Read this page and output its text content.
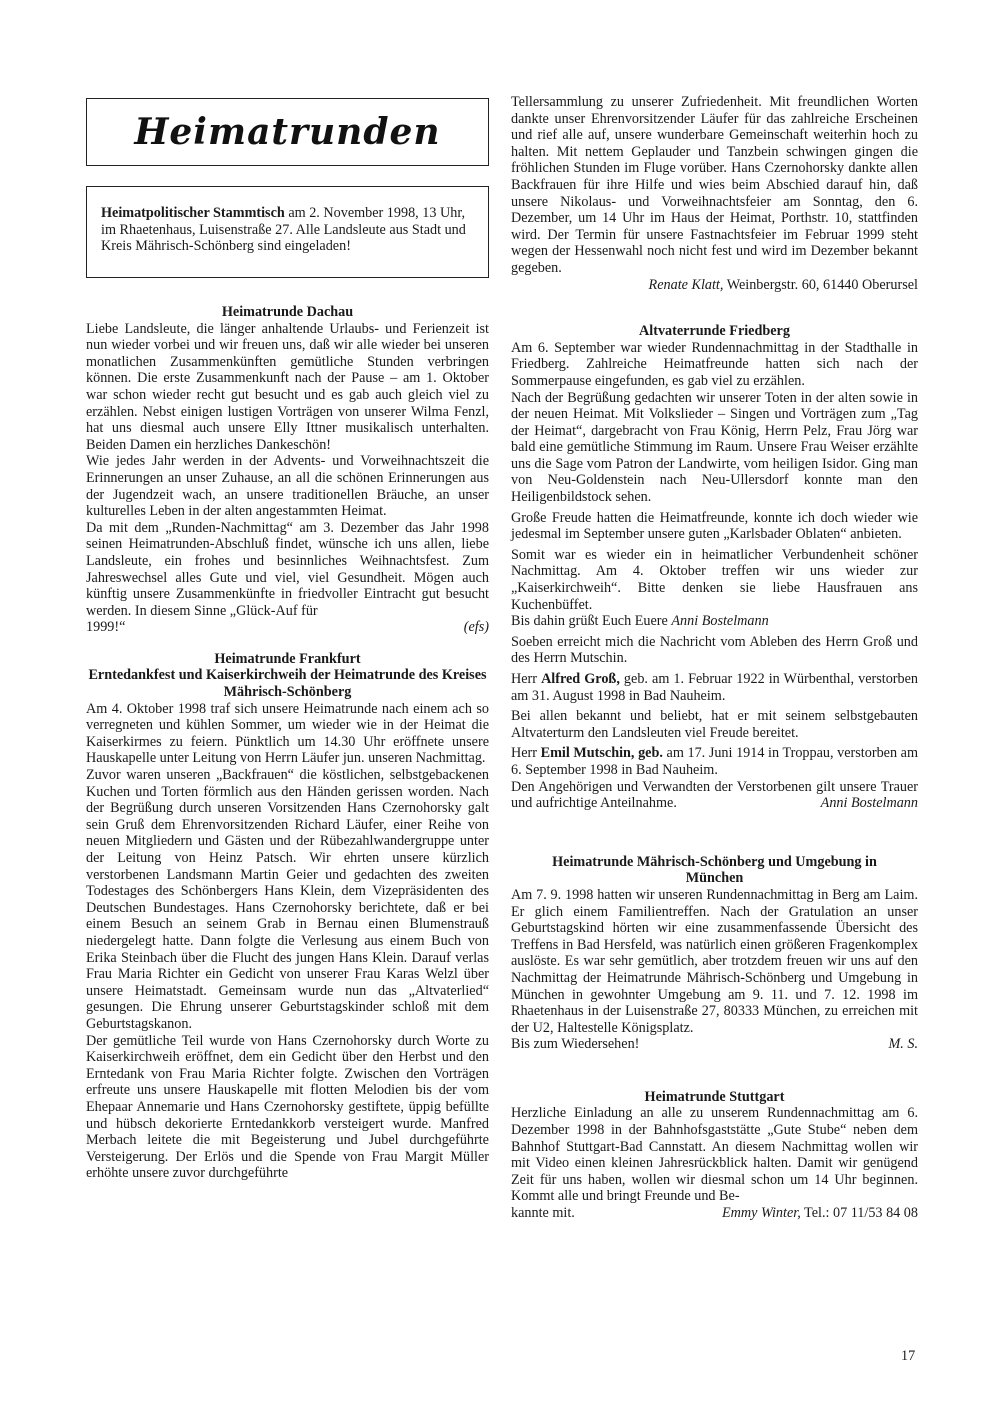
Heimatrunden

Heimatpolitischer Stammtisch am 2. November 1998, 13 Uhr, im Rhaetenhaus, Luisenstraße 27. Alle Landsleute aus Stadt und Kreis Mährisch-Schönberg sind eingeladen!

Heimatrunde Dachau

Liebe Landsleute, die länger anhaltende Urlaubs- und Ferienzeit ist nun wieder vorbei und wir freuen uns, daß wir alle wieder bei unseren monatlichen Zusammenkünften gemütliche Stunden verbringen können. Die erste Zusammenkunft nach der Pause – am 1. Oktober war schon wieder recht gut besucht und es gab auch gleich viel zu erzählen. Nebst einigen lustigen Vorträgen von unserer Wilma Fenzl, hat uns diesmal auch unsere Elly Ittner musikalisch unterhalten. Beiden Damen ein herzliches Dankeschön!

Wie jedes Jahr werden in der Advents- und Vorweihnachtszeit die Erinnerungen an unser Zuhause, an all die schönen Erinnerungen aus der Jugendzeit wach, an unsere traditionellen Bräuche, an unser kulturelles Leben in der alten angestammten Heimat.

Da mit dem „Runden-Nachmittag“ am 3. Dezember das Jahr 1998 seinen Heimatrunden-Abschluß findet, wünsche ich uns allen, liebe Landsleute, ein frohes und besinnliches Weihnachtsfest. Zum Jahreswechsel alles Gute und viel, viel Gesundheit. Mögen auch künftig unsere Zusammenkünfte in friedvoller Eintracht gut besucht werden. In diesem Sinne „Glück-Auf für

1999!“	(efs)
Heimatrunde Frankfurt
Erntedankfest und Kaiserkirchweih der Heimatrunde des Kreises Mährisch-Schönberg

Am 4. Oktober 1998 traf sich unsere Heimatrunde nach einem ach so verregneten und kühlen Sommer, um wieder wie in der Heimat die Kaiserkirmes zu feiern. Pünktlich um 14.30 Uhr eröffnete unsere Hauskapelle unter Leitung von Herrn Läufer jun. unseren Nachmittag.

Zuvor waren unseren „Backfrauen“ die köstlichen, selbstgebackenen Kuchen und Torten förmlich aus den Händen gerissen worden. Nach der Begrüßung durch unseren Vorsitzenden Hans Czernohorsky galt sein Gruß dem Ehrenvorsitzenden Richard Läufer, einer Reihe von neuen Mitgliedern und Gästen und der Rübezahlwandergruppe unter der Leitung von Heinz Patsch. Wir ehrten unsere kürzlich verstorbenen Landsmann Martin Geier und gedachten des zweiten Todestages des Schönbergers Hans Klein, dem Vizepräsidenten des Deutschen Bundestages. Hans Czernohorsky berichtete, daß er bei einem Besuch an seinem Grab in Bernau einen Blumenstrauß niedergelegt hatte. Dann folgte die Verlesung aus einem Buch von Erika Steinbach über die Flucht des jungen Hans Klein. Darauf verlas Frau Maria Richter ein Gedicht von unserer Frau Karas Welzl über unsere Heimatstadt. Gemeinsam wurde nun das „Altvaterlied“ gesungen. Die Ehrung unserer Geburtstagskinder schloß mit dem Geburtstagskanon.

Der gemütliche Teil wurde von Hans Czernohorsky durch Worte zu Kaiserkirchweih eröffnet, dem ein Gedicht über den Herbst und den Erntedank von Frau Maria Richter folgte. Zwischen den Vorträgen erfreute uns unsere Hauskapelle mit flotten Melodien bis der vom Ehepaar Annemarie und Hans Czernohorsky gestiftete, üppig befüllte und hübsch dekorierte Erntedankkorb versteigert wurde. Manfred Merbach leitete die mit Begeisterung und Jubel durchgeführte Versteigerung. Der Erlös und die Spende von Frau Margit Müller erhöhte unsere zuvor durchgeführte

Tellersammlung zu unserer Zufriedenheit. Mit freundlichen Worten dankte unser Ehrenvorsitzender Läufer für das zahlreiche Erscheinen und rief alle auf, unsere wunderbare Gemeinschaft weiterhin hoch zu halten. Mit nettem Geplauder und Tanzbein schwingen gingen die fröhlichen Stunden im Fluge vorüber. Hans Czernohorsky dankte allen Backfrauen für ihre Hilfe und wies beim Abschied darauf hin, daß unsere Nikolaus- und Vorweihnachtsfeier am Sonntag, den 6. Dezember, um 14 Uhr im Haus der Heimat, Porthstr. 10, stattfinden wird. Der Termin für unsere Fastnachtsfeier im Februar 1999 steht wegen der Hessenwahl noch nicht fest und wird im Dezember bekannt gegeben.

Renate Klatt, Weinbergstr. 60, 61440 Oberursel

Altvaterrunde Friedberg

Am 6. September war wieder Rundennachmittag in der Stadthalle in Friedberg. Zahlreiche Heimatfreunde hatten sich nach der Sommerpause eingefunden, es gab viel zu erzählen.

Nach der Begrüßung gedachten wir unserer Toten in der alten sowie in der neuen Heimat. Mit Volkslieder – Singen und Vorträgen zum „Tag der Heimat“, dargebracht von Frau König, Herrn Pelz, Frau Jörg war bald eine gemütliche Stimmung im Raum. Unsere Frau Weiser erzählte uns die Sage vom Patron der Landwirte, vom heiligen Isidor. Ging man von Neu-Goldenstein nach Neu-Ullersdorf konnte man den Heiligenbildstock sehen.

Große Freude hatten die Heimatfreunde, konnte ich doch wieder wie jedesmal im September unsere guten „Karlsbader Oblaten“ anbieten.

Somit war es wieder ein in heimatlicher Verbundenheit schöner Nachmittag. Am 4. Oktober treffen wir uns wieder zur „Kaiserkirchweih“. Bitte denken sie liebe Hausfrauen ans Kuchenbüffet.

Bis dahin grüßt Euch Euere Anni Bostelmann

Soeben erreicht mich die Nachricht vom Ableben des Herrn Groß und des Herrn Mutschin.

Herr Alfred Groß, geb. am 1. Februar 1922 in Würbenthal, verstorben am 31. August 1998 in Bad Nauheim.

Bei allen bekannt und beliebt, hat er mit seinem selbstgebauten Altvaterturm den Landsleuten viel Freude bereitet.

Herr Emil Mutschin, geb. am 17. Juni 1914 in Troppau, verstorben am 6. September 1998 in Bad Nauheim.

Den Angehörigen und Verwandten der Verstorbenen gilt unsere Trauer und aufrichtige Anteilnahme.	Anni Bostelmann

Heimatrunde Mährisch-Schönberg und Umgebung in München

Am 7. 9. 1998 hatten wir unseren Rundennachmittag in Berg am Laim. Er glich einem Familientreffen. Nach der Gratulation an unser Geburtstagskind hörten wir eine zusammenfassende Übersicht des Treffens in Bad Hersfeld, was natürlich einen größeren Fragenkomplex auslöste. Es war sehr gemütlich, aber trotzdem freuen wir uns auf den Nachmittag der Heimatrunde Mährisch-Schönberg und Umgebung in München in gewohnter Umgebung am 9. 11. und 7. 12. 1998 im Rhaetenhaus in der Luisenstraße 27, 80333 München, zu erreichen mit der U2, Haltestelle Königsplatz.

Bis zum Wiedersehen!	M. S.
Heimatrunde Stuttgart

Herzliche Einladung an alle zu unserem Rundennachmittag am 6. Dezember 1998 in der Bahnhofsgaststätte „Gute Stube“ neben dem Bahnhof Stuttgart-Bad Cannstatt. An diesem Nachmittag wollen wir mit Video einen kleinen Jahresrückblick halten. Damit wir genügend Zeit für uns haben, wollen wir diesmal schon um 14 Uhr beginnen. Kommt alle und bringt Freunde und Be-

kannte mit.	Emmy Winter, Tel.: 07 11/53 84 08
17
